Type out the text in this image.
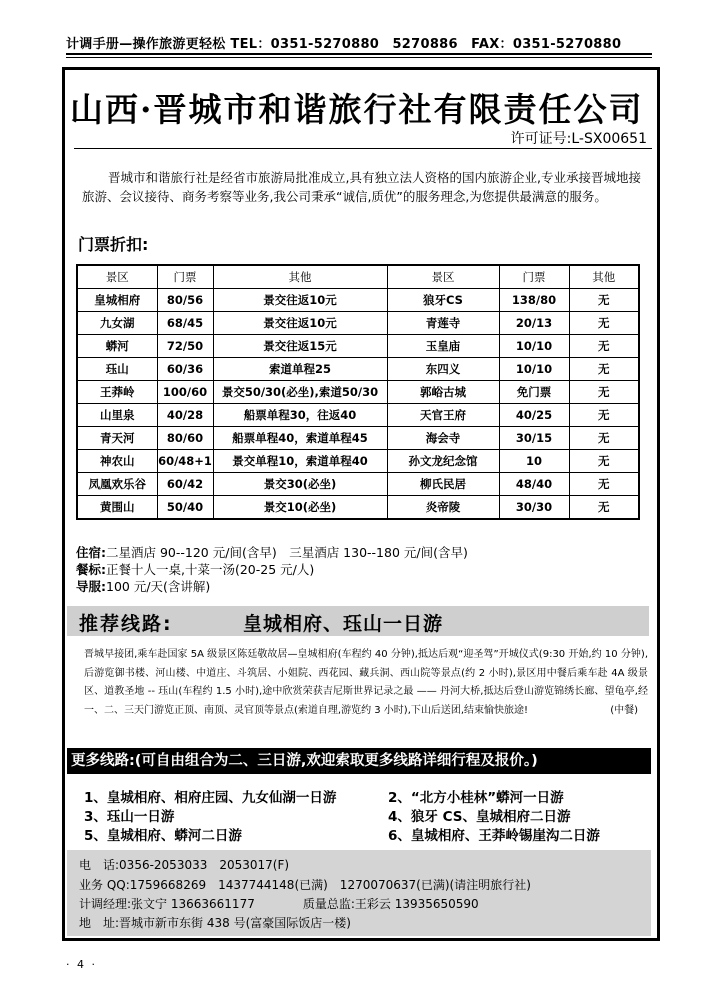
计调手册—操作旅游更轻松 TEL：0351-5270880　5270886　FAX：0351-5270880
山西·晋城市和谐旅行社有限责任公司
许可证号:L-SX00651
晋城市和谐旅行社是经省市旅游局批准成立,具有独立法人资格的国内旅游企业,专业承接晋城地接旅游、会议接待、商务考察等业务,我公司秉承“诚信,质优”的服务理念,为您提供最满意的服务。
门票折扣:
景区	门票	其他	景区	门票	其他
皇城相府	80/56	景交往返10元	狼牙CS	138/80	无
九女湖	68/45	景交往返10元	青莲寺	20/13	无
蟒河	72/50	景交往返15元	玉皇庙	10/10	无
珏山	60/36	索道单程25	东四义	10/10	无
王莽岭	100/60	景交50/30(必坐),索道50/30	郭峪古城	免门票	无
山里泉	40/28	船票单程30，往返40	天官王府	40/25	无
青天河	80/60	船票单程40，索道单程45	海会寺	30/15	无
神农山	60/48+1	景交单程10，索道单程40	孙文龙纪念馆	10	无
凤凰欢乐谷	60/42	景交30(必坐)	柳氏民居	48/40	无
黄围山	50/40	景交10(必坐)	炎帝陵	30/30	无
住宿:二星酒店 90--120 元/间(含早)　三星酒店 130--180 元/间(含早)
餐标:正餐十人一桌,十菜一汤(20-25 元/人)
导服:100 元/天(含讲解)
推荐线路:	皇城相府、珏山一日游
晋城早接团,乘车赴国家 5A 级景区陈廷敬故居—皇城相府(车程约 40 分钟),抵达后观“迎圣驾”开城仪式(9:30 开始,约 10 分钟),后游览御书楼、河山楼、中道庄、斗筑居、小姐院、西花园、藏兵洞、西山院等景点(约 2 小时),景区用中餐后乘车赴 4A 级景区、道教圣地 -- 珏山(车程约 1.5 小时),途中欣赏荣获吉尼斯世界记录之最 —— 丹河大桥,抵达后登山游览锦绣长廊、望龟亭,经一、二、三天门游览正顶、南顶、灵官顶等景点(索道自理,游览约 3 小时),下山后送团,结束愉快旅途!	(中餐)
更多线路:(可自由组合为二、三日游,欢迎索取更多线路详细行程及报价。)
1、皇城相府、相府庄园、九女仙湖一日游	2、“北方小桂林”蟒河一日游
3、珏山一日游	4、狼牙 CS、皇城相府二日游
5、皇城相府、蟒河二日游	6、皇城相府、王莽岭锡崖沟二日游
电　话:0356-2053033　2053017(F)
业务 QQ:1759668269　1437744148(已满)　1270070637(已满)(请注明旅行社)
计调经理:张文宁 13663661177　　　　质量总监:王彩云 13935650590
地　址:晋城市新市东街 438 号(富豪国际饭店一楼)
· 4 ·
